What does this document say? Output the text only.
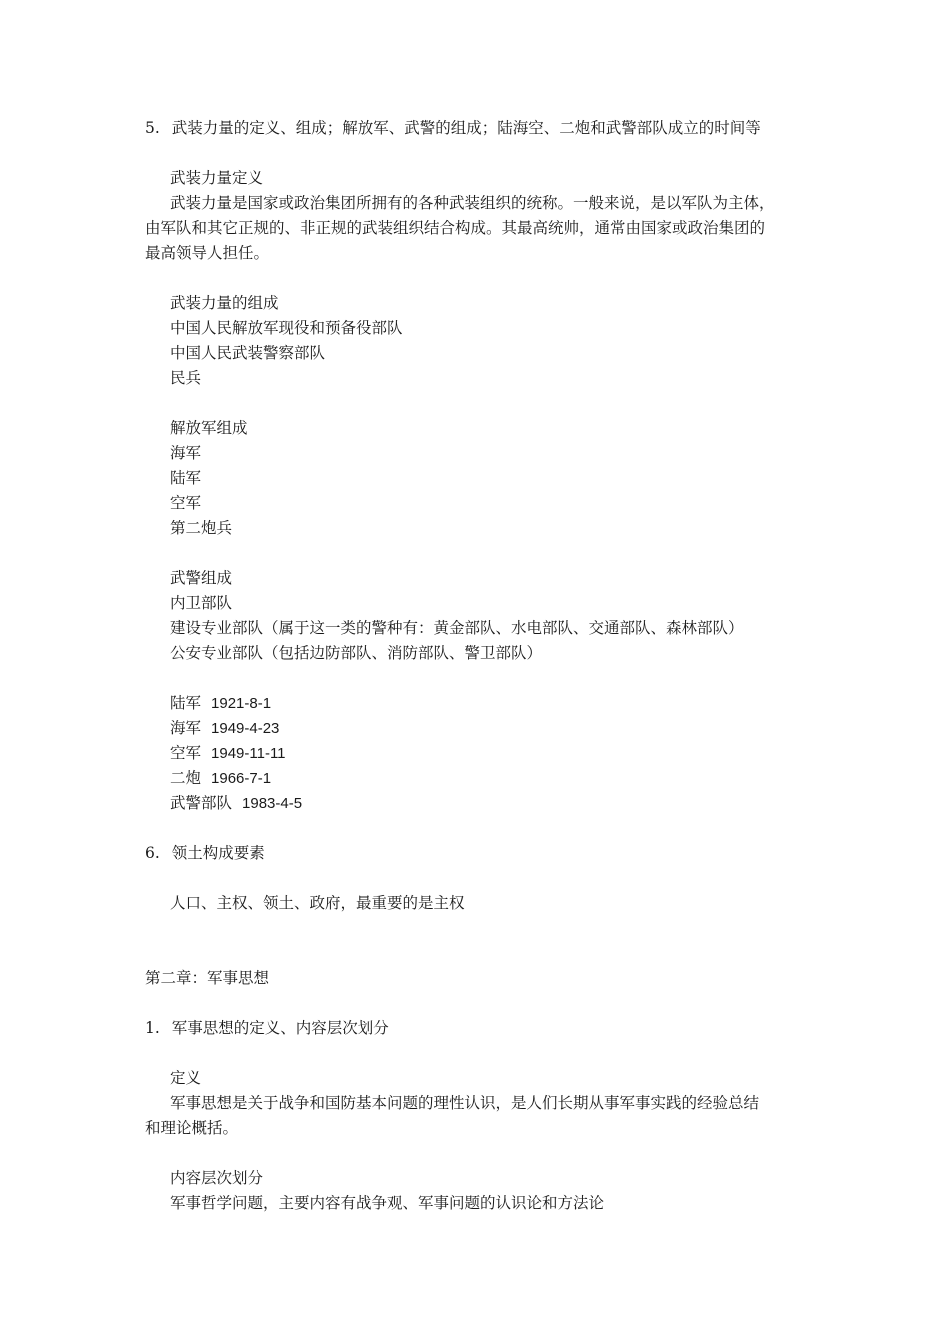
5. 武装力量的定义、组成；解放军、武警的组成；陆海空、二炮和武警部队成立的时间等
武装力量定义
武装力量是国家或政治集团所拥有的各种武装组织的统称。一般来说，是以军队为主体，
由军队和其它正规的、非正规的武装组织结合构成。其最高统帅，通常由国家或政治集团的
最高领导人担任。
武装力量的组成
中国人民解放军现役和预备役部队
中国人民武装警察部队
民兵
解放军组成
海军
陆军
空军
第二炮兵
武警组成
内卫部队
建设专业部队（属于这一类的警种有：黄金部队、水电部队、交通部队、森林部队）
公安专业部队（包括边防部队、消防部队、警卫部队）
陆军 1921-8-1
海军 1949-4-23
空军 1949-11-11
二炮 1966-7-1
武警部队 1983-4-5
6. 领土构成要素
人口、主权、领土、政府，最重要的是主权
第二章：军事思想
1. 军事思想的定义、内容层次划分
定义
军事思想是关于战争和国防基本问题的理性认识，是人们长期从事军事实践的经验总结
和理论概括。
内容层次划分
军事哲学问题，主要内容有战争观、军事问题的认识论和方法论
